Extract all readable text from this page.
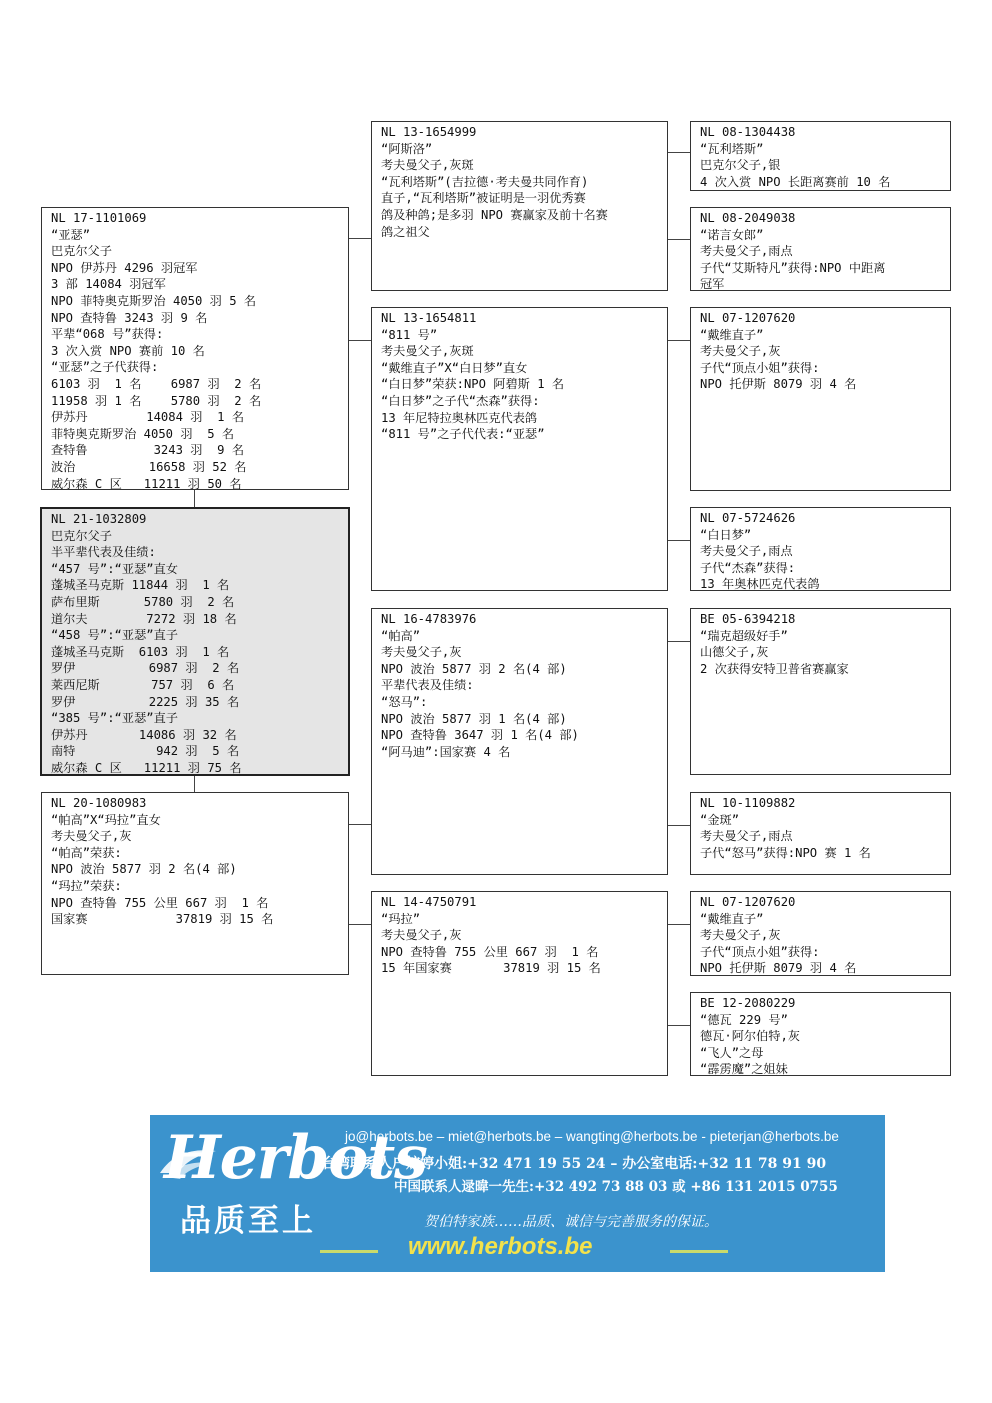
NL 17-1101069
“亚瑟”
巴克尔父子
NPO 伊苏丹 4296 羽冠军
3 部 14084 羽冠军
NPO 菲特奥克斯罗治 4050 羽 5 名
NPO 查特鲁 3243 羽 9 名
平辈“068 号”获得:
3 次入赏 NPO 赛前 10 名
“亚瑟”之子代获得:
6103 羽  1 名    6987 羽  2 名
11958 羽 1 名    5780 羽  2 名
伊苏丹        14084 羽  1 名
菲特奥克斯罗治 4050 羽  5 名
查特鲁         3243 羽  9 名
波治          16658 羽 52 名
威尔森 C 区   11211 羽 50 名
NL 21-1032809
巴克尔父子
半平辈代表及佳绩:
“457 号”:“亚瑟”直女
蓬城圣马克斯 11844 羽  1 名
萨布里斯      5780 羽  2 名
道尔夫        7272 羽 18 名
“458 号”:“亚瑟”直子
蓬城圣马克斯  6103 羽  1 名
罗伊          6987 羽  2 名
莱西尼斯       757 羽  6 名
罗伊          2225 羽 35 名
“385 号”:“亚瑟”直子
伊苏丹       14086 羽 32 名
南特           942 羽  5 名
威尔森 C 区   11211 羽 75 名
NL 20-1080983
“帕高”X“玛拉”直女
考夫曼父子,灰
“帕高”荣获:
NPO 波治 5877 羽 2 名(4 部)
“玛拉”荣获:
NPO 查特鲁 755 公里 667 羽  1 名
国家赛            37819 羽 15 名
NL 13-1654999
“阿斯洛”
考夫曼父子,灰斑
“瓦利塔斯”(吉拉德·考夫曼共同作育)
直子,“瓦利塔斯”被证明是一羽优秀赛
鸽及种鸽;是多羽 NPO 赛赢家及前十名赛
鸽之祖父
NL 13-1654811
“811 号”
考夫曼父子,灰斑
“戴维直子”X“白日梦”直女
“白日梦”荣获:NPO 阿碧斯 1 名
“白日梦”之子代“杰森”获得:
13 年尼特拉奥林匹克代表鸽
“811 号”之子代代表:“亚瑟”
NL 16-4783976
“帕高”
考夫曼父子,灰
NPO 波治 5877 羽 2 名(4 部)
平辈代表及佳绩:
“怒马”:
NPO 波治 5877 羽 1 名(4 部)
NPO 查特鲁 3647 羽 1 名(4 部)
“阿马迪”:国家赛 4 名
NL 14-4750791
“玛拉”
考夫曼父子,灰
NPO 查特鲁 755 公里 667 羽  1 名
15 年国家赛       37819 羽 15 名
NL 08-1304438
“瓦利塔斯”
巴克尔父子,银
4 次入赏 NPO 长距离赛前 10 名
NL 08-2049038
“诺言女郎”
考夫曼父子,雨点
子代“艾斯特凡”获得:NPO 中距离
冠军
NL 07-1207620
“戴维直子”
考夫曼父子,灰
子代“顶点小姐”获得:
NPO 托伊斯 8079 羽 4 名
NL 07-5724626
“白日梦”
考夫曼父子,雨点
子代“杰森”获得:
13 年奥林匹克代表鸽
BE 05-6394218
“瑞克超级好手”
山德父子,灰
2 次获得安特卫普省赛赢家
NL 10-1109882
“金斑”
考夫曼父子,雨点
子代“怒马”获得:NPO 赛 1 名
NL 07-1207620
“戴维直子”
考夫曼父子,灰
子代“顶点小姐”获得:
NPO 托伊斯 8079 羽 4 名
BE 12-2080229
“德瓦 229 号”
德瓦·阿尔伯特,灰
“飞人”之母
“霹雳魔”之姐妹
Herbots
品质至上
jo@herbots.be – miet@herbots.be – wangting@herbots.be - pieterjan@herbots.be
台湾联系人户婉婷小姐:+32 471 19 55 24 – 办公室电话:+32 11 78 91 90
中国联系人逯暐一先生:+32 492 73 88 03 或 +86 131 2015 0755
贺伯特家族……品质、诚信与完善服务的保证。
www.herbots.be
